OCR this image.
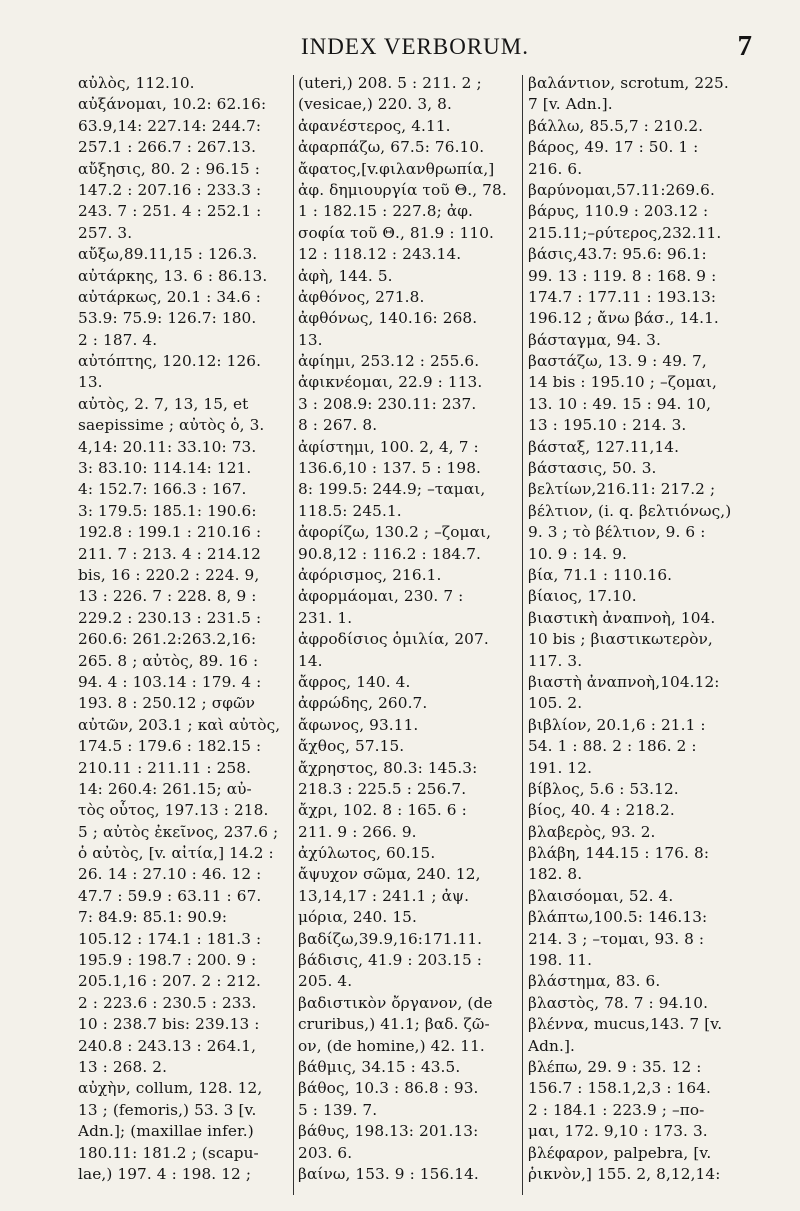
INDEX VERBORUM.	7
αὐλὸς, 112.10.
αὐξάνομαι, 10.2: 62.16:
63.9,14: 227.14: 244.7:
257.1 : 266.7 : 267.13.
αὔξησις, 80. 2 : 96.15 :
147.2 : 207.16 : 233.3 :
243. 7 : 251. 4 : 252.1 :
257. 3.
αὔξω,89.11,15 : 126.3.
αὐτάρκης, 13. 6 : 86.13.
αὐτάρκως, 20.1 : 34.6 :
53.9: 75.9: 126.7: 180.
2 : 187. 4.
αὐτόπτης, 120.12: 126.
13.
αὐτὸς, 2. 7, 13, 15, et
saepissime ; αὐτὸς ὁ, 3.
4,14: 20.11: 33.10: 73.
3: 83.10: 114.14: 121.
4: 152.7: 166.3 : 167.
3: 179.5: 185.1: 190.6:
192.8 : 199.1 : 210.16 :
211. 7 : 213. 4 : 214.12
bis, 16 : 220.2 : 224. 9,
13 : 226. 7 : 228. 8, 9 :
229.2 : 230.13 : 231.5 :
260.6: 261.2:263.2,16:
265. 8 ; αὐτὸς, 89. 16 :
94. 4 : 103.14 : 179. 4 :
193. 8 : 250.12 ; σφῶν
αὐτῶν, 203.1 ; καὶ αὐτὸς,
174.5 : 179.6 : 182.15 :
210.11 : 211.11 : 258.
14: 260.4: 261.15; αὐ-
τὸς οὗτος, 197.13 : 218.
5 ; αὐτὸς ἐκεῖνος, 237.6 ;
ὁ αὐτὸς, [v. αἰτία,] 14.2 :
26. 14 : 27.10 : 46. 12 :
47.7 : 59.9 : 63.11 : 67.
7: 84.9: 85.1: 90.9:
105.12 : 174.1 : 181.3 :
195.9 : 198.7 : 200. 9 :
205.1,16 : 207. 2 : 212.
2 : 223.6 : 230.5 : 233.
10 : 238.7 bis: 239.13 :
240.8 : 243.13 : 264.1,
13 : 268. 2.
αὐχὴν, collum, 128. 12,
13 ; (femoris,) 53. 3 [v.
Adn.]; (maxillae infer.)
180.11: 181.2 ; (scapu-
lae,) 197. 4 : 198. 12 ;
(uteri,) 208. 5 : 211. 2 ;
(vesicae,) 220. 3, 8.
ἀφανέστερος, 4.11.
ἀφαρπάζω, 67.5: 76.10.
ἄφατος,[v.φιλανθρωπία,]
ἀφ. δημιουργία τοῦ Θ., 78.
1 : 182.15 : 227.8; ἀφ.
σοφία τοῦ Θ., 81.9 : 110.
12 : 118.12 : 243.14.
ἀφὴ, 144. 5.
ἀφθόνος, 271.8.
ἀφθόνως, 140.16: 268.
13.
ἀφίημι, 253.12 : 255.6.
ἀφικνέομαι, 22.9 : 113.
3 : 208.9: 230.11: 237.
8 : 267. 8.
ἀφίστημι, 100. 2, 4, 7 :
136.6,10 : 137. 5 : 198.
8: 199.5: 244.9; –ταμαι,
118.5: 245.1.
ἀφορίζω, 130.2 ; –ζομαι,
90.8,12 : 116.2 : 184.7.
ἀφόρισμος, 216.1.
ἀφορμάομαι, 230. 7 :
231. 1.
ἀφροδίσιος ὁμιλία, 207.
14.
ἄφρος, 140. 4.
ἀφρώδης, 260.7.
ἄφωνος, 93.11.
ἄχθος, 57.15.
ἄχρηστος, 80.3: 145.3:
218.3 : 225.5 : 256.7.
ἄχρι, 102. 8 : 165. 6 :
211. 9 : 266. 9.
ἀχύλωτος, 60.15.
ἄψυχον σῶμα, 240. 12,
13,14,17 : 241.1 ; ἀψ.
μόρια, 240. 15.
βαδίζω,39.9,16:171.11.
βάδισις, 41.9 : 203.15 :
205. 4.
βαδιστικὸν ὄργανον, (de
cruribus,) 41.1; βαδ. ζῶ-
ον, (de homine,) 42. 11.
βάθμις, 34.15 : 43.5.
βάθος, 10.3 : 86.8 : 93.
5 : 139. 7.
βάθυς, 198.13: 201.13:
203. 6.
βαίνω, 153. 9 : 156.14.
βαλάντιον, scrotum, 225.
7 [v. Adn.].
βάλλω, 85.5,7 : 210.2.
βάρος, 49. 17 : 50. 1 :
216. 6.
βαρύνομαι,57.11:269.6.
βάρυς, 110.9 : 203.12 :
215.11;–ρύτερος,232.11.
βάσις,43.7: 95.6: 96.1:
99. 13 : 119. 8 : 168. 9 :
174.7 : 177.11 : 193.13:
196.12 ; ἄνω βάσ., 14.1.
βάσταγμα, 94. 3.
βαστάζω, 13. 9 : 49. 7,
14 bis : 195.10 ; –ζομαι,
13. 10 : 49. 15 : 94. 10,
13 : 195.10 : 214. 3.
βάσταξ, 127.11,14.
βάστασις, 50. 3.
βελτίων,216.11: 217.2 ;
βέλτιον, (i. q. βελτιόνως,)
9. 3 ; τὸ βέλτιον, 9. 6 :
10. 9 : 14. 9.
βία, 71.1 : 110.16.
βίαιος, 17.10.
βιαστικὴ ἀναπνοὴ, 104.
10 bis ; βιαστικωτερὸν,
117. 3.
βιαστὴ ἀναπνοὴ,104.12:
105. 2.
βιβλίον, 20.1,6 : 21.1 :
54. 1 : 88. 2 : 186. 2 :
191. 12.
βίβλος, 5.6 : 53.12.
βίος, 40. 4 : 218.2.
βλαβερὸς, 93. 2.
βλάβη, 144.15 : 176. 8:
182. 8.
βλαισόομαι, 52. 4.
βλάπτω,100.5: 146.13:
214. 3 ; –τομαι, 93. 8 :
198. 11.
βλάστημα, 83. 6.
βλαστὸς, 78. 7 : 94.10.
βλέννα, mucus,143. 7 [v.
Adn.].
βλέπω, 29. 9 : 35. 12 :
156.7 : 158.1,2,3 : 164.
2 : 184.1 : 223.9 ; –πο-
μαι, 172. 9,10 : 173. 3.
βλέφαρον, palpebra, [v.
ῥικνὸν,] 155. 2, 8,12,14:
